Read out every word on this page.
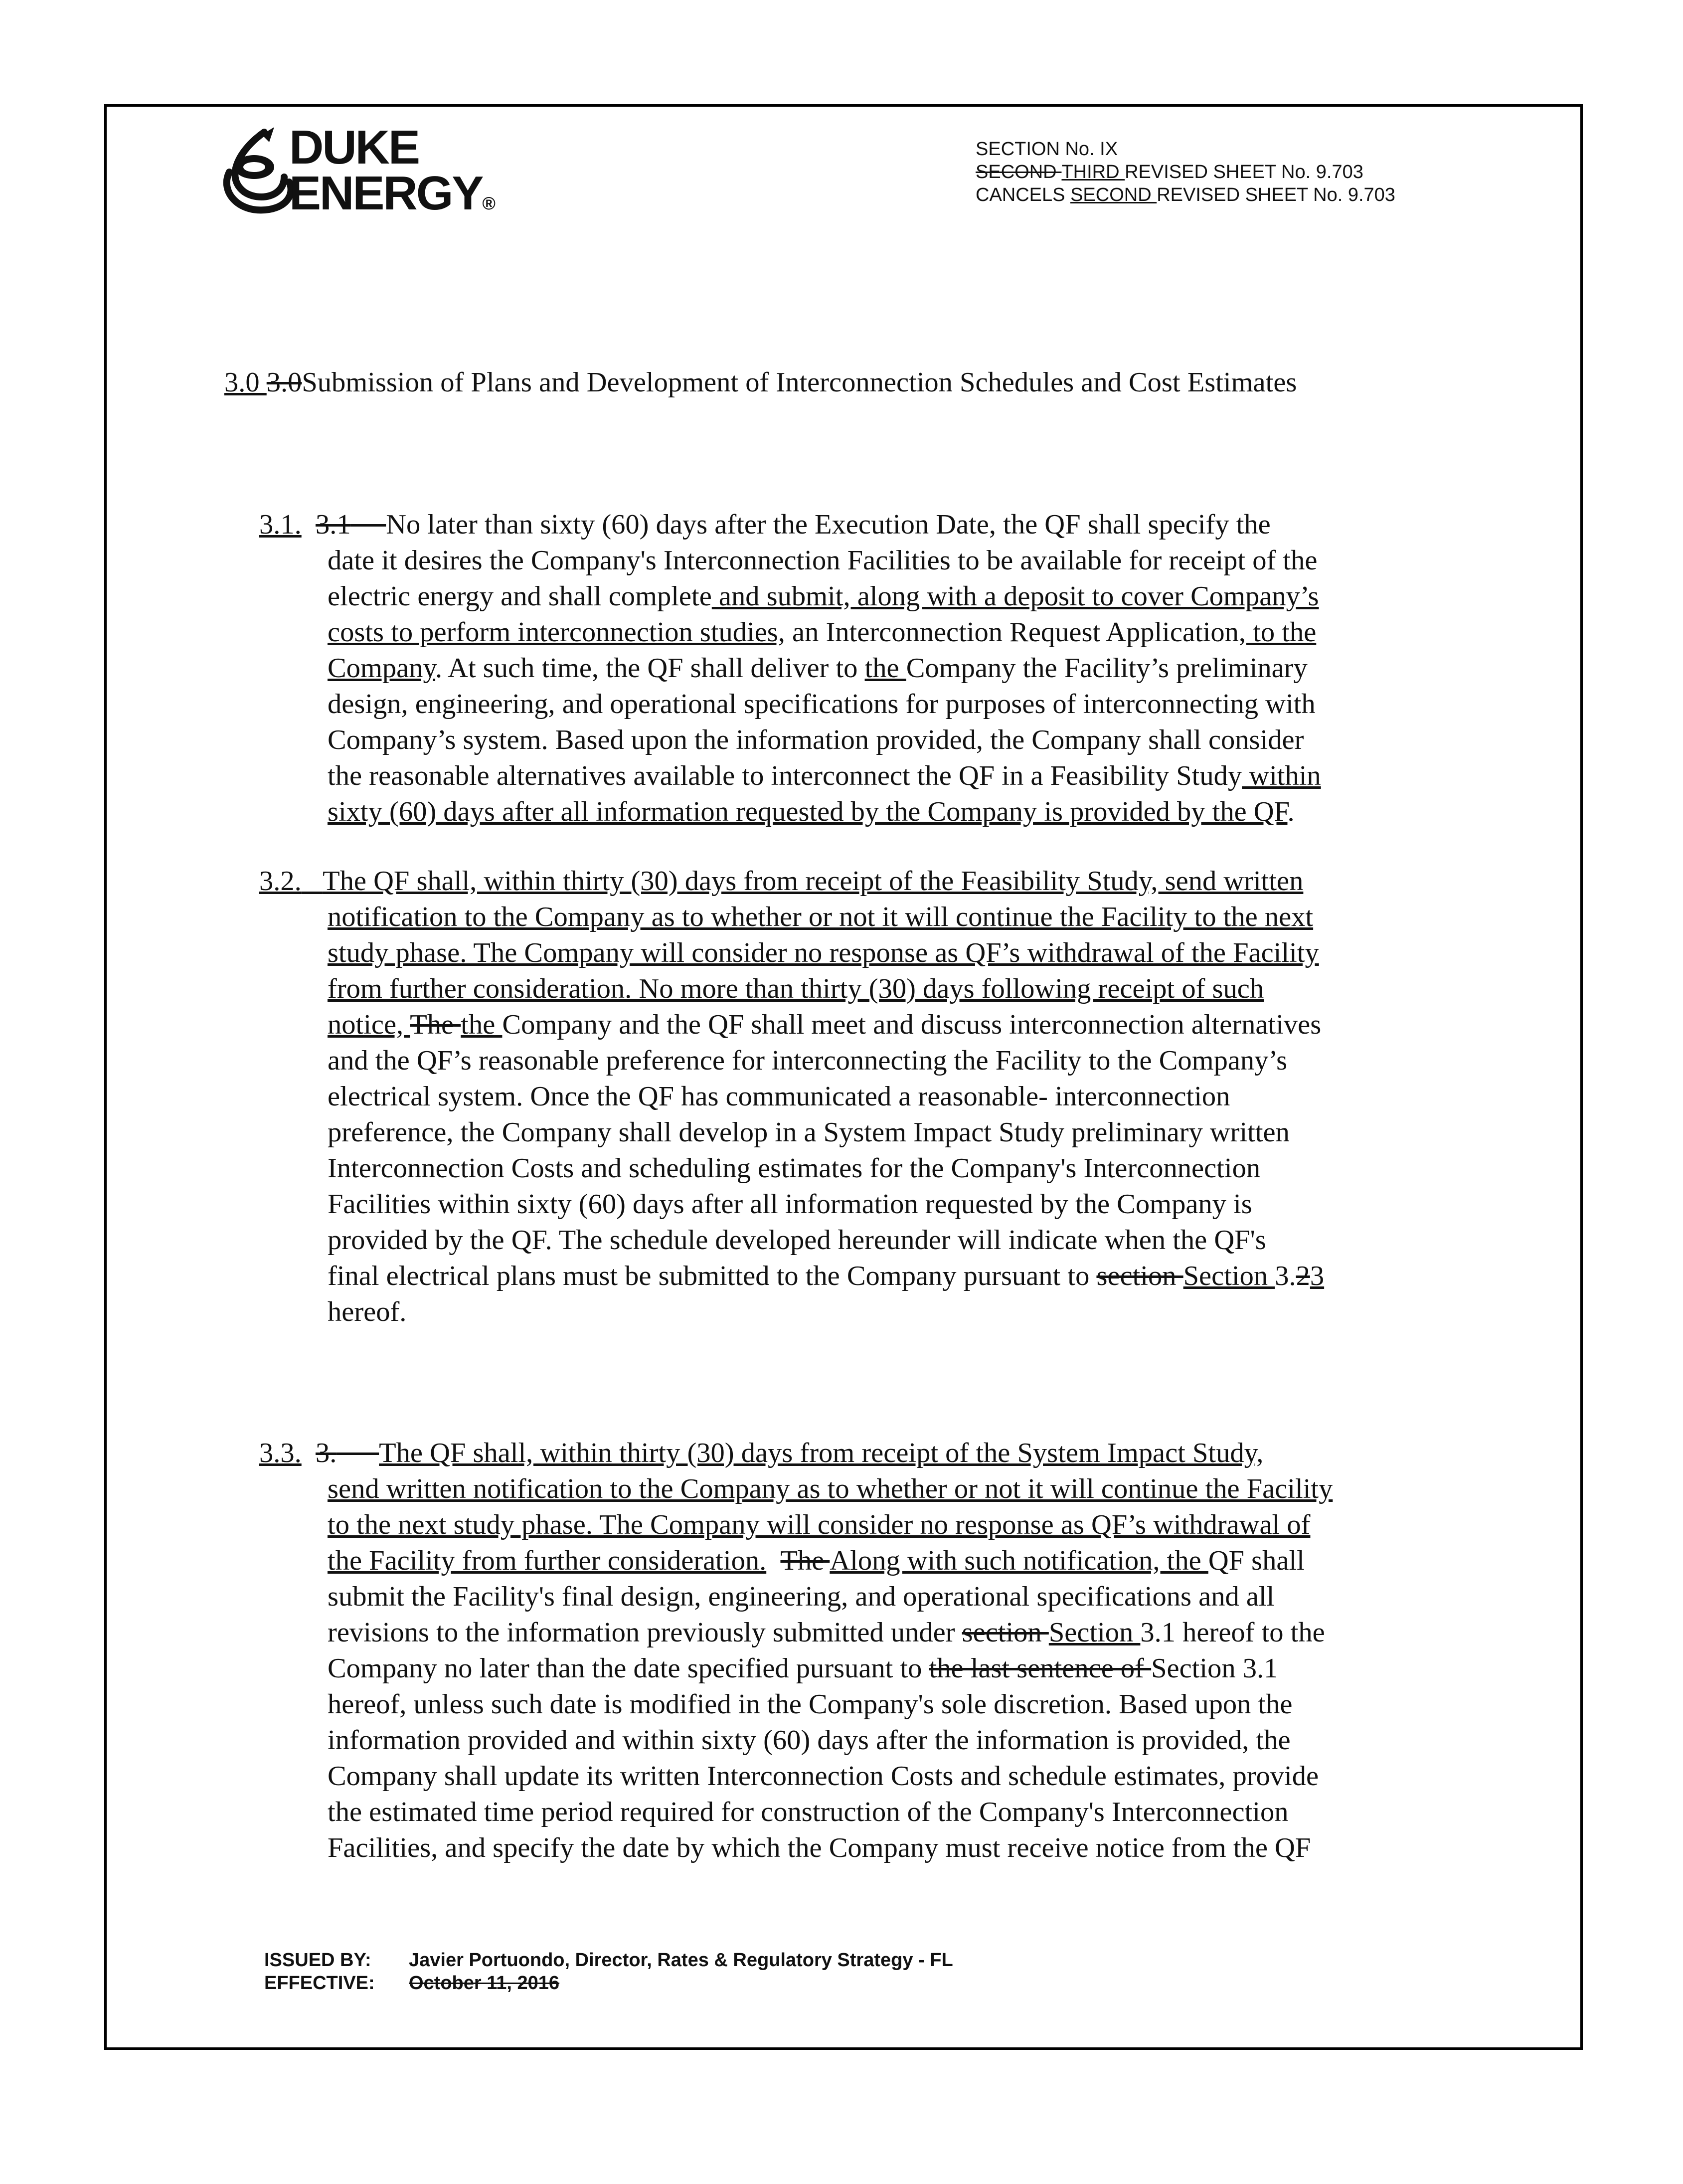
DUKE
ENERGY®
SECTION No. IX
SECOND THIRD REVISED SHEET No. 9.703
CANCELS SECOND REVISED SHEET No. 9.703
3.0 3.0Submission of Plans and Development of Interconnection Schedules and Cost Estimates
3.1. 3.1 No later than sixty (60) days after the Execution Date, the QF shall specify the
date it desires the Company's Interconnection Facilities to be available for receipt of the
electric energy and shall complete and submit, along with a deposit to cover Company’s
costs to perform interconnection studies, an Interconnection Request Application, to the
Company. At such time, the QF shall deliver to the Company the Facility’s preliminary
design, engineering, and operational specifications for purposes of interconnecting with
Company’s system. Based upon the information provided, the Company shall consider
the reasonable alternatives available to interconnect the QF in a Feasibility Study within
sixty (60) days after all information requested by the Company is provided by the QF.
3.2. The QF shall, within thirty (30) days from receipt of the Feasibility Study, send written
notification to the Company as to whether or not it will continue the Facility to the next
study phase. The Company will consider no response as QF’s withdrawal of the Facility
from further consideration. No more than thirty (30) days following receipt of such
notice, The the Company and the QF shall meet and discuss interconnection alternatives
and the QF’s reasonable preference for interconnecting the Facility to the Company’s
electrical system. Once the QF has communicated a reasonable- interconnection
preference, the Company shall develop in a System Impact Study preliminary written
Interconnection Costs and scheduling estimates for the Company's Interconnection
Facilities within sixty (60) days after all information requested by the Company is
provided by the QF. The schedule developed hereunder will indicate when the QF's
final electrical plans must be submitted to the Company pursuant to section Section 3.23
hereof.
3.3. 3. The QF shall, within thirty (30) days from receipt of the System Impact Study,
send written notification to the Company as to whether or not it will continue the Facility
to the next study phase. The Company will consider no response as QF’s withdrawal of
the Facility from further consideration. The Along with such notification, the QF shall
submit the Facility's final design, engineering, and operational specifications and all
revisions to the information previously submitted under section Section 3.1 hereof to the
Company no later than the date specified pursuant to the last sentence of Section 3.1
hereof, unless such date is modified in the Company's sole discretion. Based upon the
information provided and within sixty (60) days after the information is provided, the
Company shall update its written Interconnection Costs and schedule estimates, provide
the estimated time period required for construction of the Company's Interconnection
Facilities, and specify the date by which the Company must receive notice from the QF
ISSUED BY: Javier Portuondo, Director, Rates & Regulatory Strategy - FL
EFFECTIVE: October 11, 2016
